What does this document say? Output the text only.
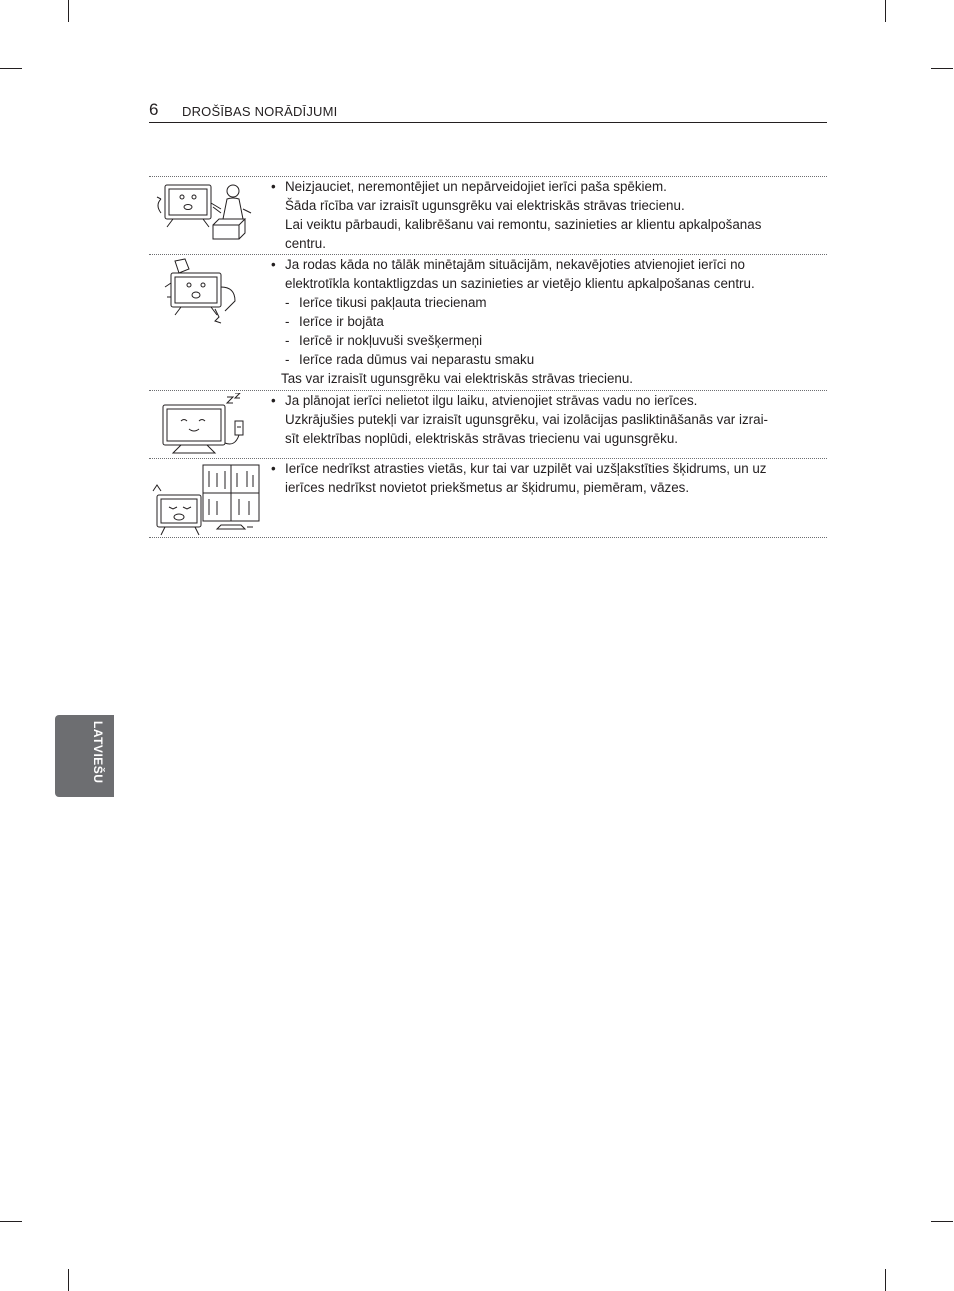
6 DROŠĪBAS NORĀDĪJUMI
• Neizjauciet, neremontējiet un nepārveidojiet ierīci paša spēkiem.
Šāda rīcība var izraisīt ugunsgrēku vai elektriskās strāvas triecienu.
Lai veiktu pārbaudi, kalibrēšanu vai remontu, sazinieties ar klientu apkalpošanas
centru.
• Ja rodas kāda no tālāk minētajām situācijām, nekavējoties atvienojiet ierīci no
elektrotīkla kontaktligzdas un sazinieties ar vietējo klientu apkalpošanas centru.
- Ierīce tikusi pakļauta triecienam
- Ierīce ir bojāta
- Ierīcē ir nokļuvuši svešķermeņi
- Ierīce rada dūmus vai neparastu smaku
Tas var izraisīt ugunsgrēku vai elektriskās strāvas triecienu.
• Ja plānojat ierīci nelietot ilgu laiku, atvienojiet strāvas vadu no ierīces.
Uzkrājušies putekļi var izraisīt ugunsgrēku, vai izolācijas pasliktināšanās var izrai-
sīt elektrības noplūdi, elektriskās strāvas triecienu vai ugunsgrēku.
• Ierīce nedrīkst atrasties vietās, kur tai var uzpilēt vai uzšļakstīties šķidrums, un uz
ierīces nedrīkst novietot priekšmetus ar šķidrumu, piemēram, vāzes.
LATVIEŠU
